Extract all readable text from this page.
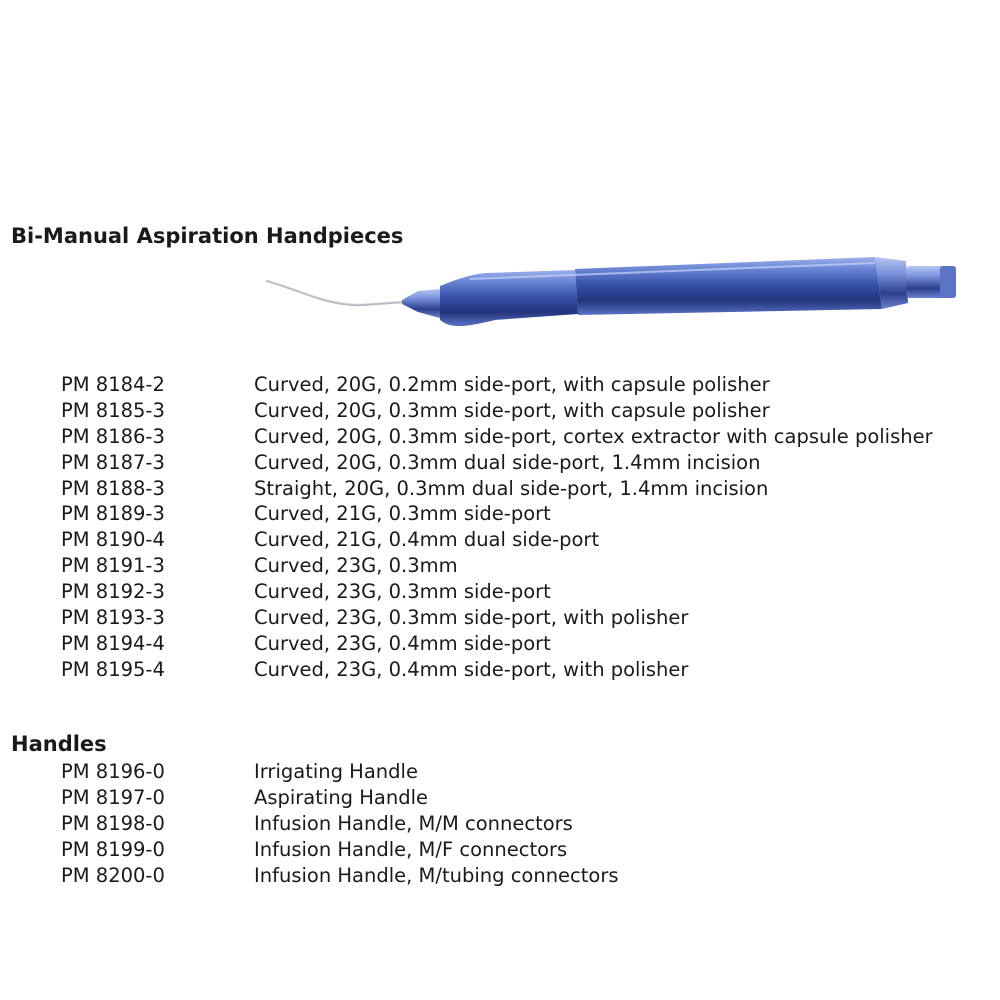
Bi-Manual Aspiration Handpieces
PM 8184-2	Curved, 20G, 0.2mm side-port, with capsule polisher
PM 8185-3	Curved, 20G, 0.3mm side-port, with capsule polisher
PM 8186-3	Curved, 20G, 0.3mm side-port, cortex extractor with capsule polisher
PM 8187-3	Curved, 20G, 0.3mm dual side-port, 1.4mm incision
PM 8188-3	Straight, 20G, 0.3mm dual side-port, 1.4mm incision
PM 8189-3	Curved, 21G, 0.3mm side-port
PM 8190-4	Curved, 21G, 0.4mm dual side-port
PM 8191-3	Curved, 23G, 0.3mm
PM 8192-3	Curved, 23G, 0.3mm side-port
PM 8193-3	Curved, 23G, 0.3mm side-port, with polisher
PM 8194-4	Curved, 23G, 0.4mm side-port
PM 8195-4	Curved, 23G, 0.4mm side-port, with polisher
Handles
PM 8196-0	Irrigating Handle
PM 8197-0	Aspirating Handle
PM 8198-0	Infusion Handle, M/M connectors
PM 8199-0	Infusion Handle, M/F connectors
PM 8200-0	Infusion Handle, M/tubing connectors
